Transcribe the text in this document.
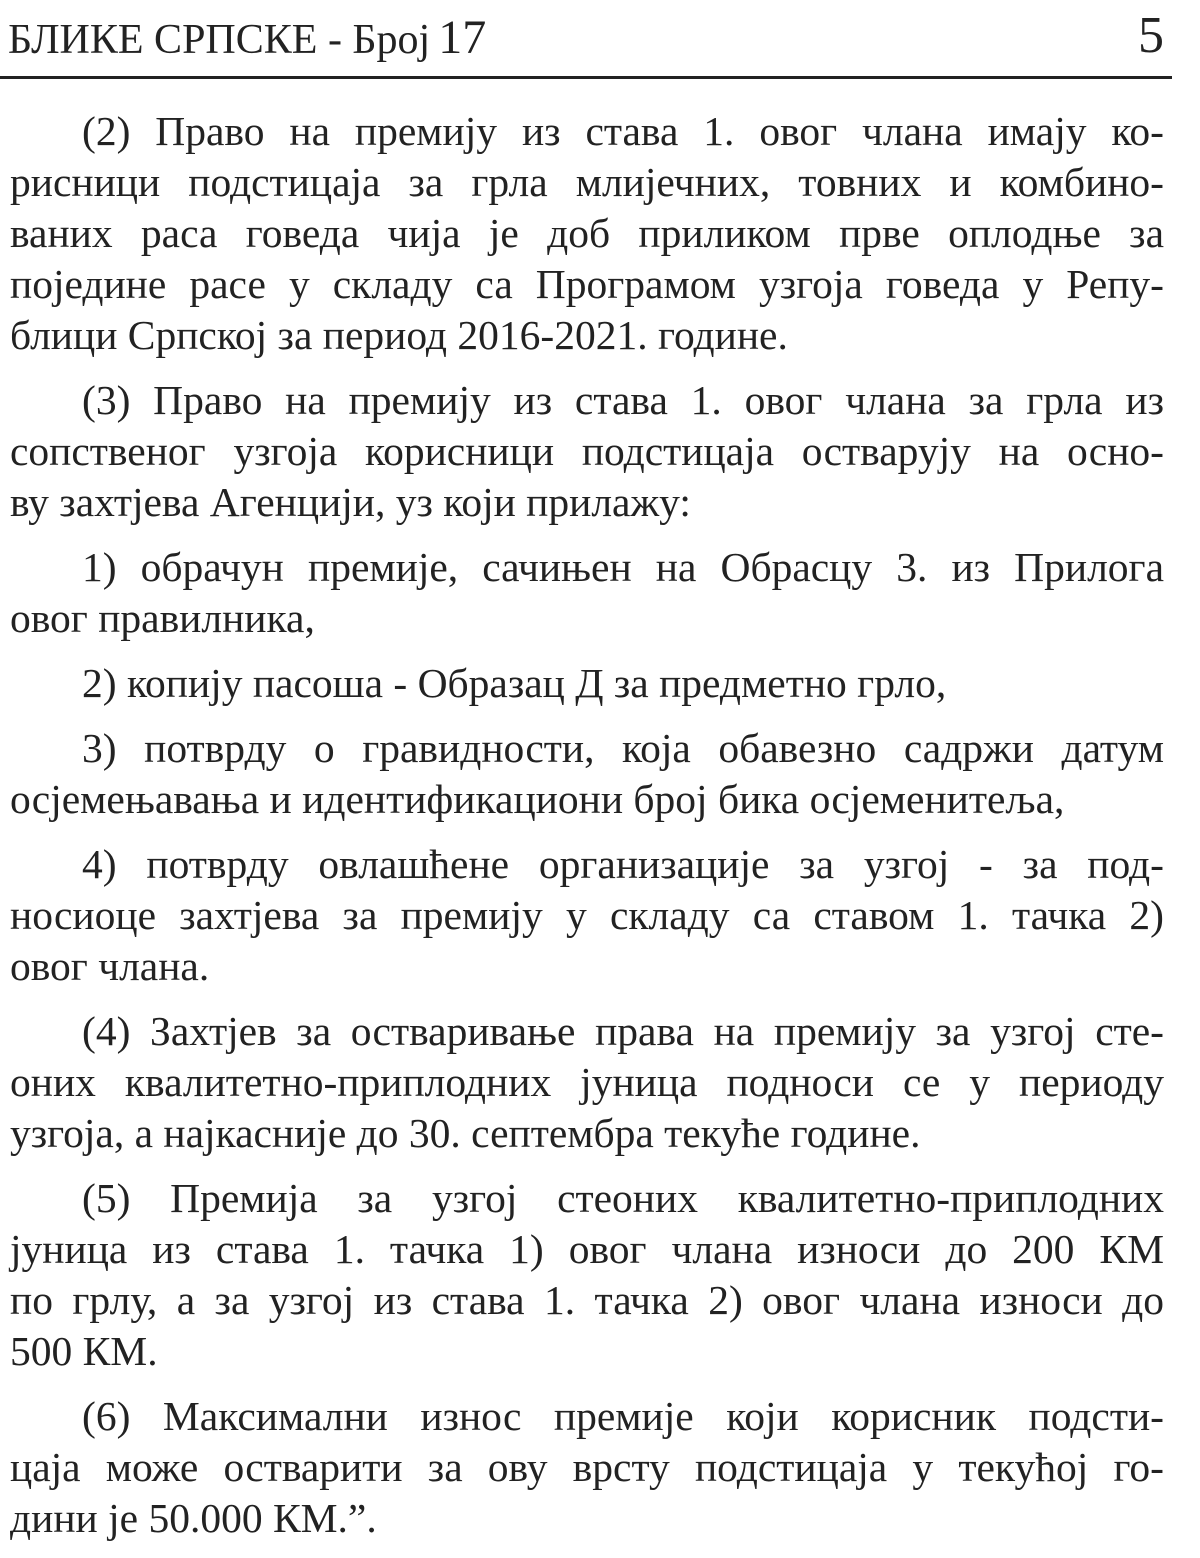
БЛИКЕ СРПСКЕ - Број 17	5
(2) Право на премију из става 1. овог члана имају ко-
рисници подстицаја за грла млијечних, товних и комбино-
ваних раса говеда чија је доб приликом прве оплодње за
поједине расе у складу са Програмом узгоја говеда у Репу-
блици Српској за период 2016-2021. године.
(3) Право на премију из става 1. овог члана за грла из
сопственог узгоја корисници подстицаја остварују на осно-
ву захтјева Агенцији, уз који прилажу:
1) обрачун премије, сачињен на Обрасцу 3. из Прилога
овог правилника,
2) копију пасоша - Образац Д за предметно грло,
3) потврду о гравидности, која обавезно садржи датум
осјемењавања и идентификациони број бика осјеменитеља,
4) потврду овлашћене организације за узгој - за под-
носиоце захтјева за премију у складу са ставом 1. тачка 2)
овог члана.
(4) Захтјев за остваривање права на премију за узгој сте-
оних квалитетно-приплодних јуница подноси се у периоду
узгоја, а најкасније до 30. септембра текуће године.
(5) Премија за узгој стеоних квалитетно-приплодних
јуница из става 1. тачка 1) овог члана износи до 200 КМ
по грлу, а за узгој из става 1. тачка 2) овог члана износи до
500 КМ.
(6) Максимални износ премије који корисник подсти-
цаја може остварити за ову врсту подстицаја у текућој го-
дини је 50.000 КМ.”.
